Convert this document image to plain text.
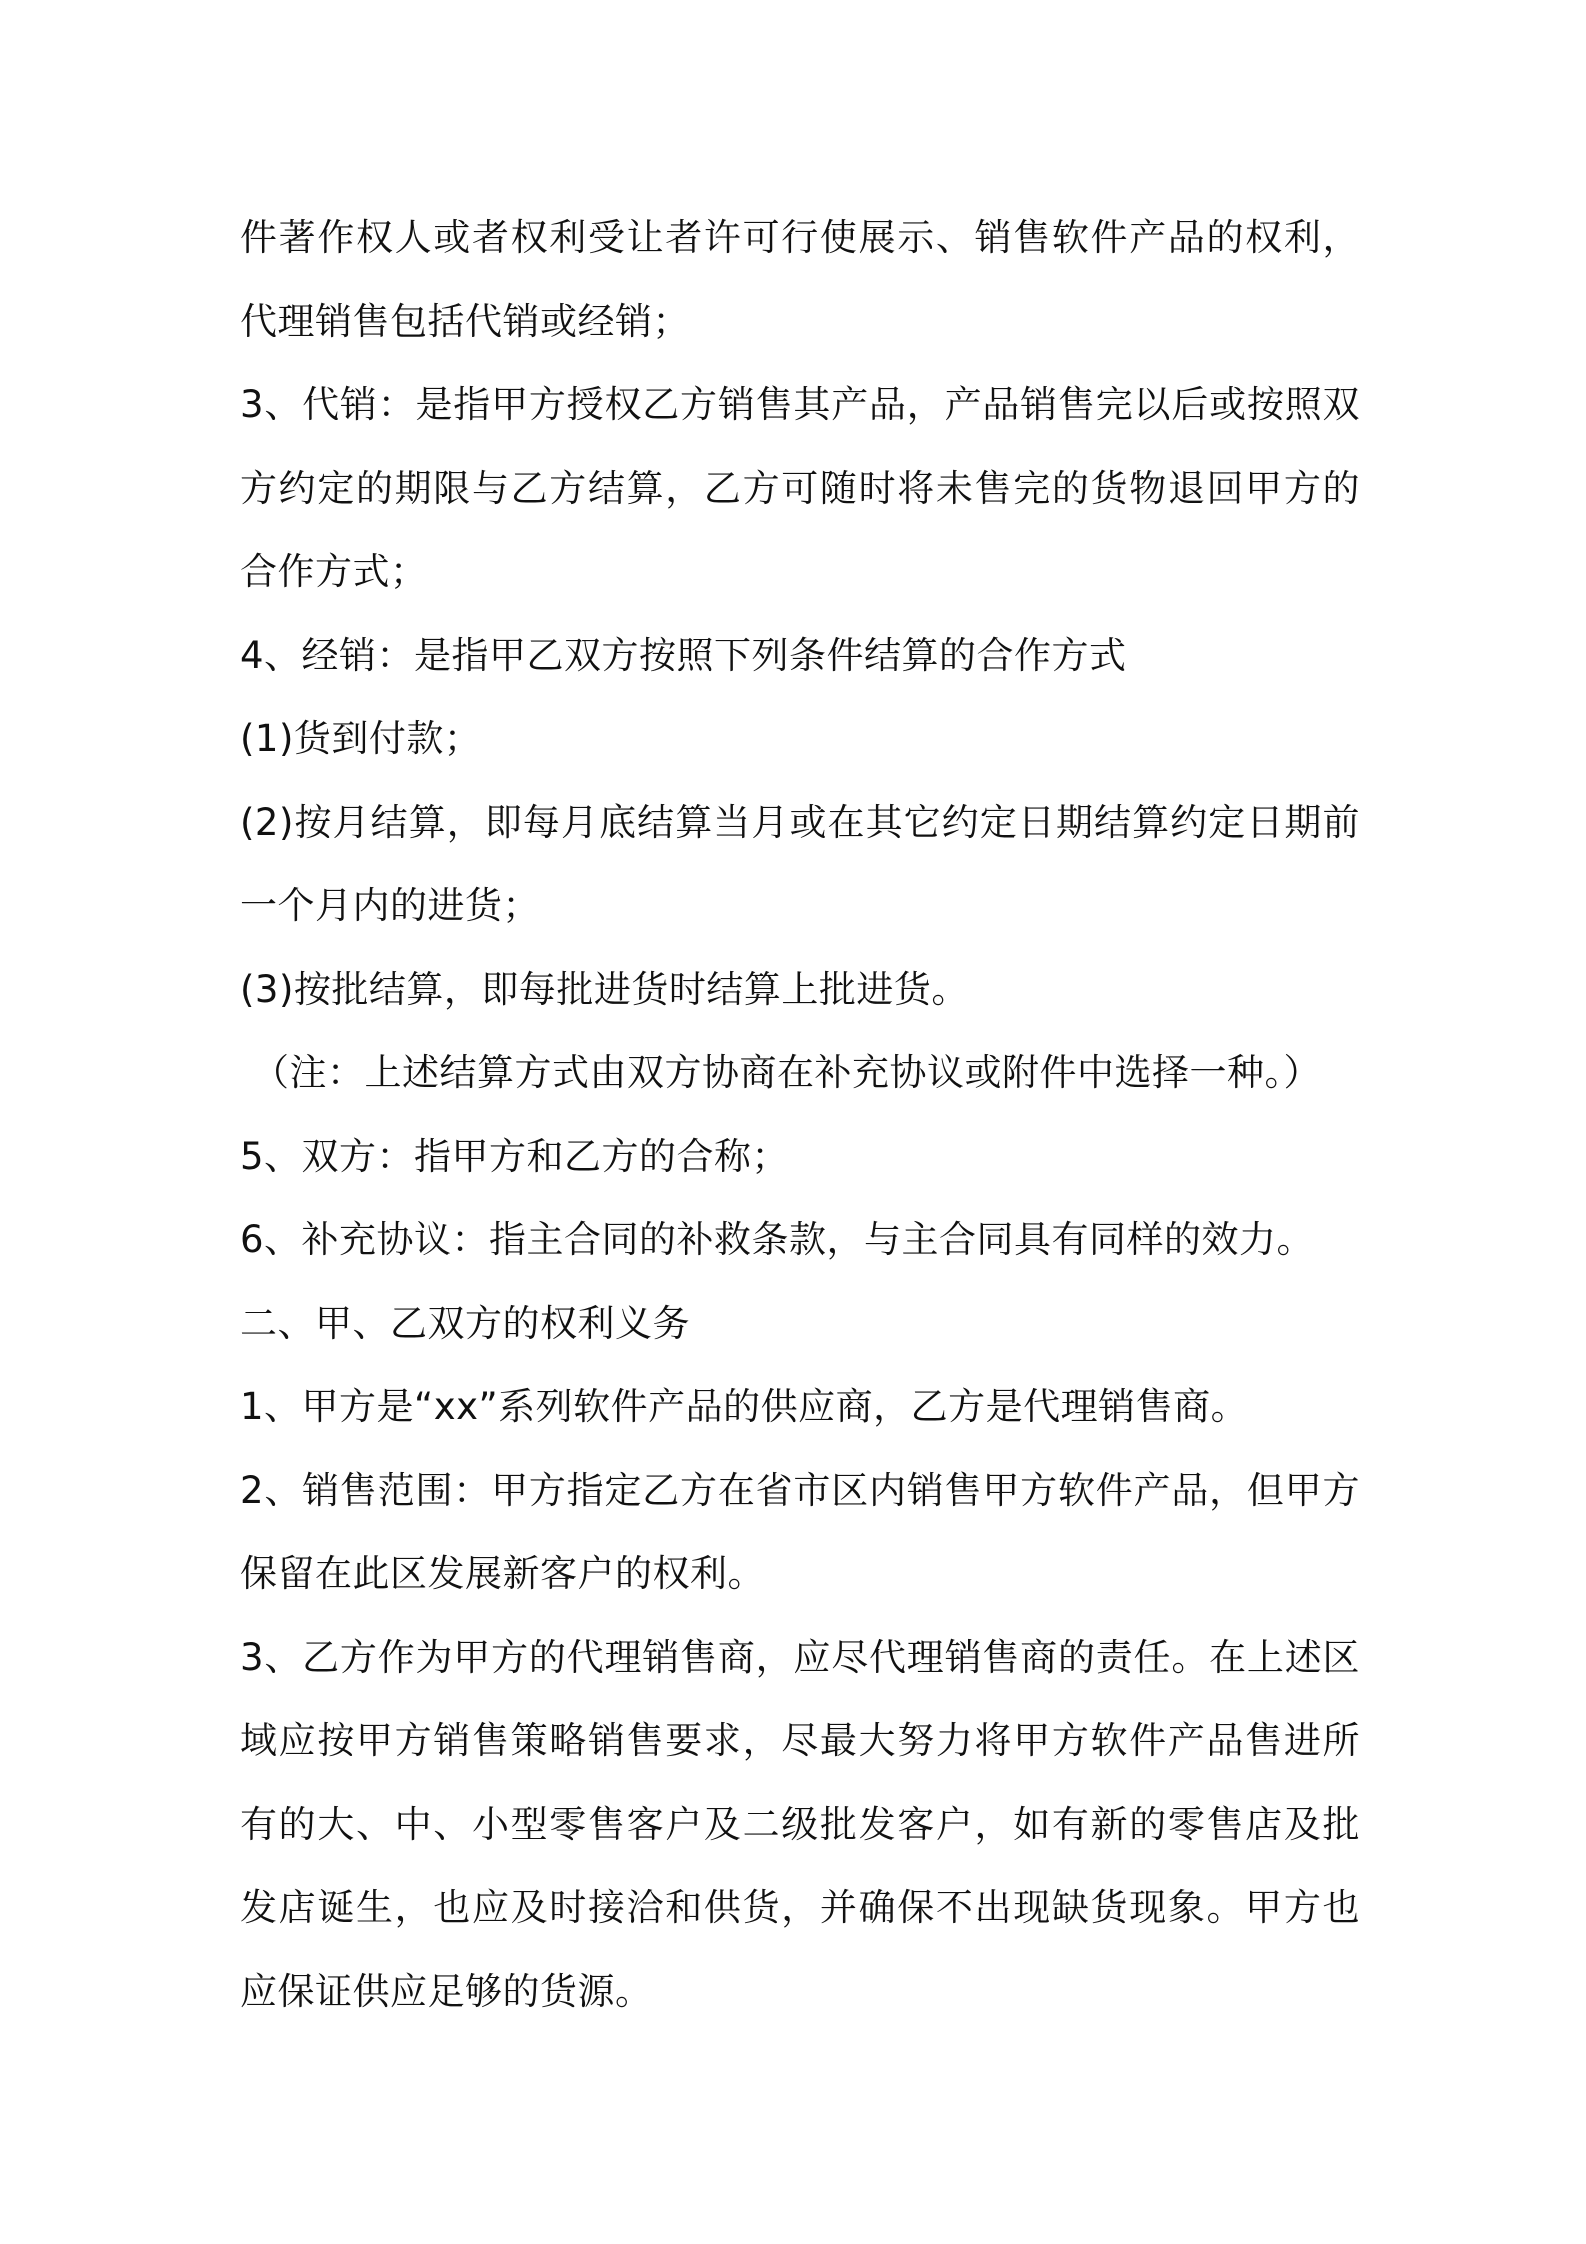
件著作权人或者权利受让者许可行使展示、销售软件产品的权利，代理销售包括代销或经销；

3、代销：是指甲方授权乙方销售其产品，产品销售完以后或按照双方约定的期限与乙方结算，乙方可随时将未售完的货物退回甲方的合作方式；

4、经销：是指甲乙双方按照下列条件结算的合作方式

(1)货到付款；

(2)按月结算，即每月底结算当月或在其它约定日期结算约定日期前一个月内的进货；

(3)按批结算，即每批进货时结算上批进货。

（注：上述结算方式由双方协商在补充协议或附件中选择一种。）

5、双方：指甲方和乙方的合称；

6、补充协议：指主合同的补救条款，与主合同具有同样的效力。

二、甲、乙双方的权利义务

1、甲方是“xx”系列软件产品的供应商，乙方是代理销售商。

2、销售范围：甲方指定乙方在省市区内销售甲方软件产品，但甲方保留在此区发展新客户的权利。

3、乙方作为甲方的代理销售商，应尽代理销售商的责任。在上述区域应按甲方销售策略销售要求，尽最大努力将甲方软件产品售进所有的大、中、小型零售客户及二级批发客户，如有新的零售店及批发店诞生，也应及时接洽和供货，并确保不出现缺货现象。甲方也应保证供应足够的货源。
